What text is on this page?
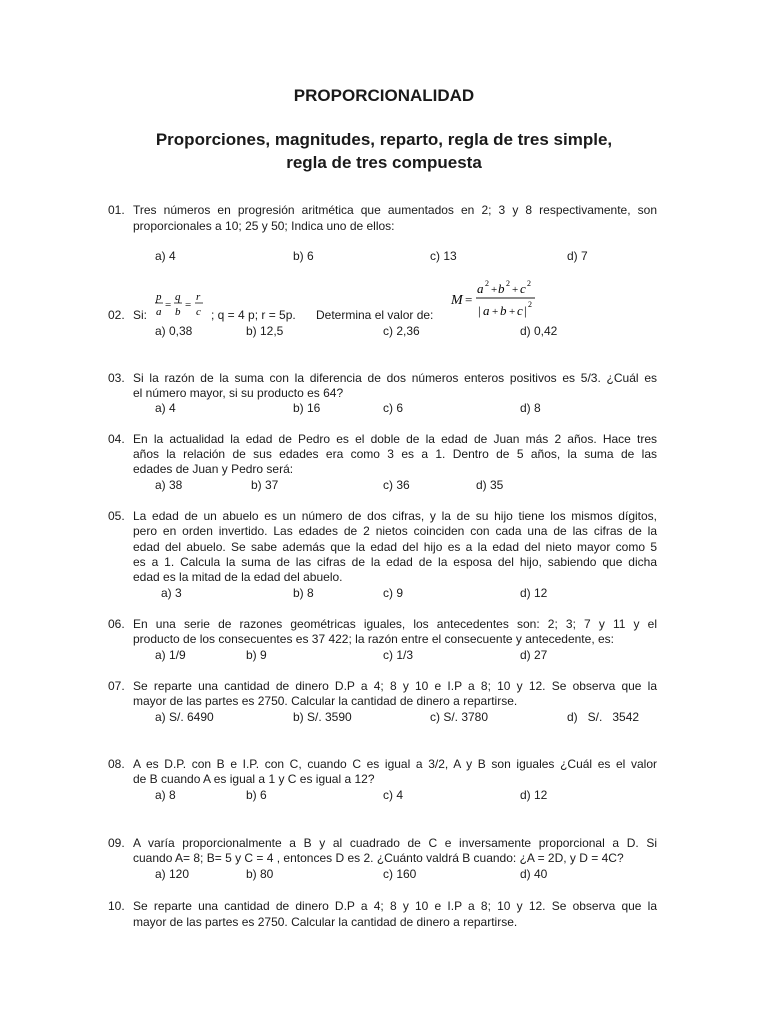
PROPORCIONALIDAD
Proporciones, magnitudes, reparto, regla de tres simple,
regla de tres compuesta
01. Tres números en progresión aritmética que aumentados en 2; 3 y 8 respectivamente, son
proporcionales a 10; 25 y 50; Indica uno de ellos:
a) 4	b) 6	c) 13	d) 7
02. Si:
p
a
=
q
b
=
r
c ; q = 4 p; r = 5p. Determina el valor de:
M =
a 2
+ b 2
+ c 2
| a + b + c | 2
a) 0,38	b) 12,5	c) 2,36	d) 0,42
03. Si la razón de la suma con la diferencia de dos números enteros positivos es 5/3. ¿Cuál es
el número mayor, si su producto es 64?
a) 4	b) 16	c) 6	d) 8
04. En la actualidad la edad de Pedro es el doble de la edad de Juan más 2 años. Hace tres
años la relación de sus edades era como 3 es a 1. Dentro de 5 años, la suma de las
edades de Juan y Pedro será:
a) 38	b) 37	c) 36	d) 35
05. La edad de un abuelo es un número de dos cifras, y la de su hijo tiene los mismos dígitos,
pero en orden invertido. Las edades de 2 nietos coinciden con cada una de las cifras de la
edad del abuelo. Se sabe además que la edad del hijo es a la edad del nieto mayor como 5
es a 1. Calcula la suma de las cifras de la edad de la esposa del hijo, sabiendo que dicha
edad es la mitad de la edad del abuelo.
a) 3	b) 8	c) 9	d) 12
06. En una serie de razones geométricas iguales, los antecedentes son: 2; 3; 7 y 11 y el
producto de los consecuentes es 37 422; la razón entre el consecuente y antecedente, es:
a) 1/9	b) 9	c) 1/3	d) 27
07. Se reparte una cantidad de dinero D.P a 4; 8 y 10 e I.P a 8; 10 y 12. Se observa que la
mayor de las partes es 2750. Calcular la cantidad de dinero a repartirse.
a) S/. 6490	b) S/. 3590	c) S/. 3780	d)   S/.   3542
08. A es D.P. con B e I.P. con C, cuando C es igual a 3/2, A y B son iguales ¿Cuál es el valor
de B cuando A es igual a 1 y C es igual a 12?
a) 8	b) 6	c) 4	d) 12
09. A varía proporcionalmente a B y al cuadrado de C e inversamente proporcional a D. Si
cuando A= 8; B= 5 y C = 4 , entonces D es 2. ¿Cuánto valdrá B cuando: ¿A = 2D, y D = 4C?
a) 120	b) 80	c) 160	d) 40
10. Se reparte una cantidad de dinero D.P a 4; 8 y 10 e I.P a 8; 10 y 12. Se observa que la
mayor de las partes es 2750. Calcular la cantidad de dinero a repartirse.
